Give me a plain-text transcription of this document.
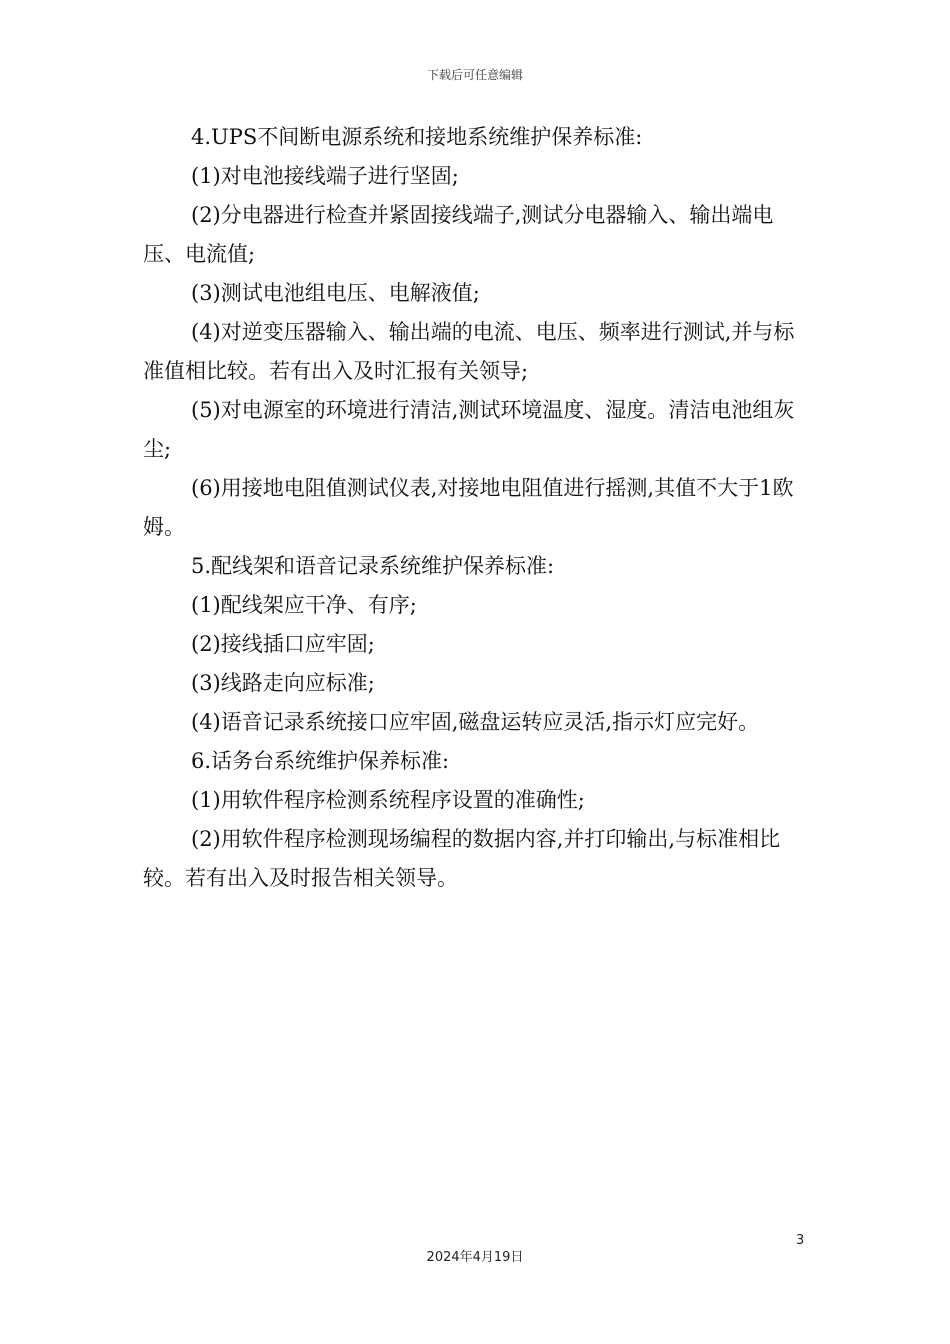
下载后可任意编辑

4.UPS不间断电源系统和接地系统维护保养标准:

(1)对电池接线端子进行坚固;

(2)分电器进行检查并紧固接线端子,测试分电器输入、输出端电压、电流值;

(3)测试电池组电压、电解液值;

(4)对逆变压器输入、输出端的电流、电压、频率进行测试,并与标准值相比较。若有出入及时汇报有关领导;

(5)对电源室的环境进行清洁,测试环境温度、湿度。清洁电池组灰尘;

(6)用接地电阻值测试仪表,对接地电阻值进行摇测,其值不大于1欧姆。

5.配线架和语音记录系统维护保养标准:

(1)配线架应干净、有序;

(2)接线插口应牢固;

(3)线路走向应标准;

(4)语音记录系统接口应牢固,磁盘运转应灵活,指示灯应完好。

6.话务台系统维护保养标准:

(1)用软件程序检测系统程序设置的准确性;

(2)用软件程序检测现场编程的数据内容,并打印输出,与标准相比较。若有出入及时报告相关领导。

3
2024年4月19日
